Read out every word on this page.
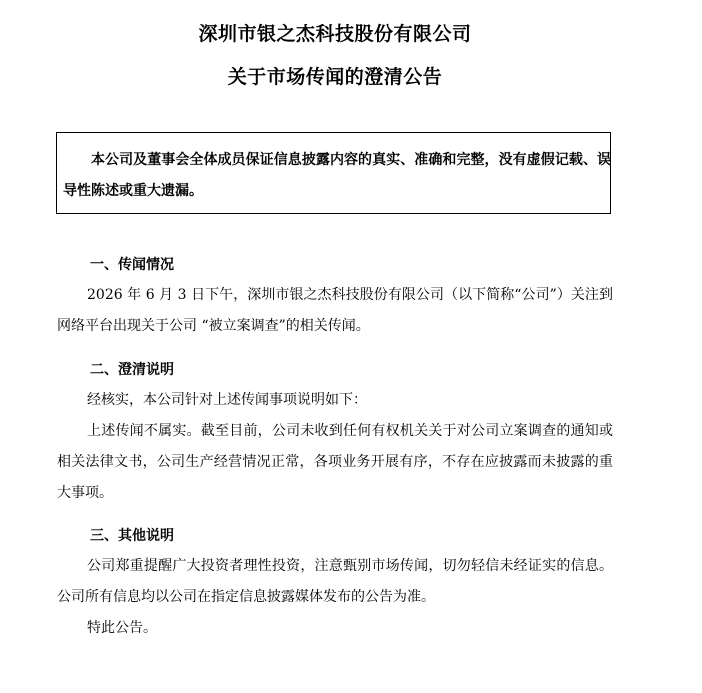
深圳市银之杰科技股份有限公司
关于市场传闻的澄清公告
本公司及董事会全体成员保证信息披露内容的真实、准确和完整，没有虚假记载、误导性陈述或重大遗漏。
一、传闻情况
2026 年 6 月 3 日下午，深圳市银之杰科技股份有限公司（以下简称“公司”）关注到网络平台出现关于公司 “被立案调查”的相关传闻。
二、澄清说明
经核实，本公司针对上述传闻事项说明如下：
上述传闻不属实。截至目前，公司未收到任何有权机关关于对公司立案调查的通知或相关法律文书，公司生产经营情况正常，各项业务开展有序，不存在应披露而未披露的重大事项。
三、其他说明
公司郑重提醒广大投资者理性投资，注意甄别市场传闻，切勿轻信未经证实的信息。公司所有信息均以公司在指定信息披露媒体发布的公告为准。
特此公告。
